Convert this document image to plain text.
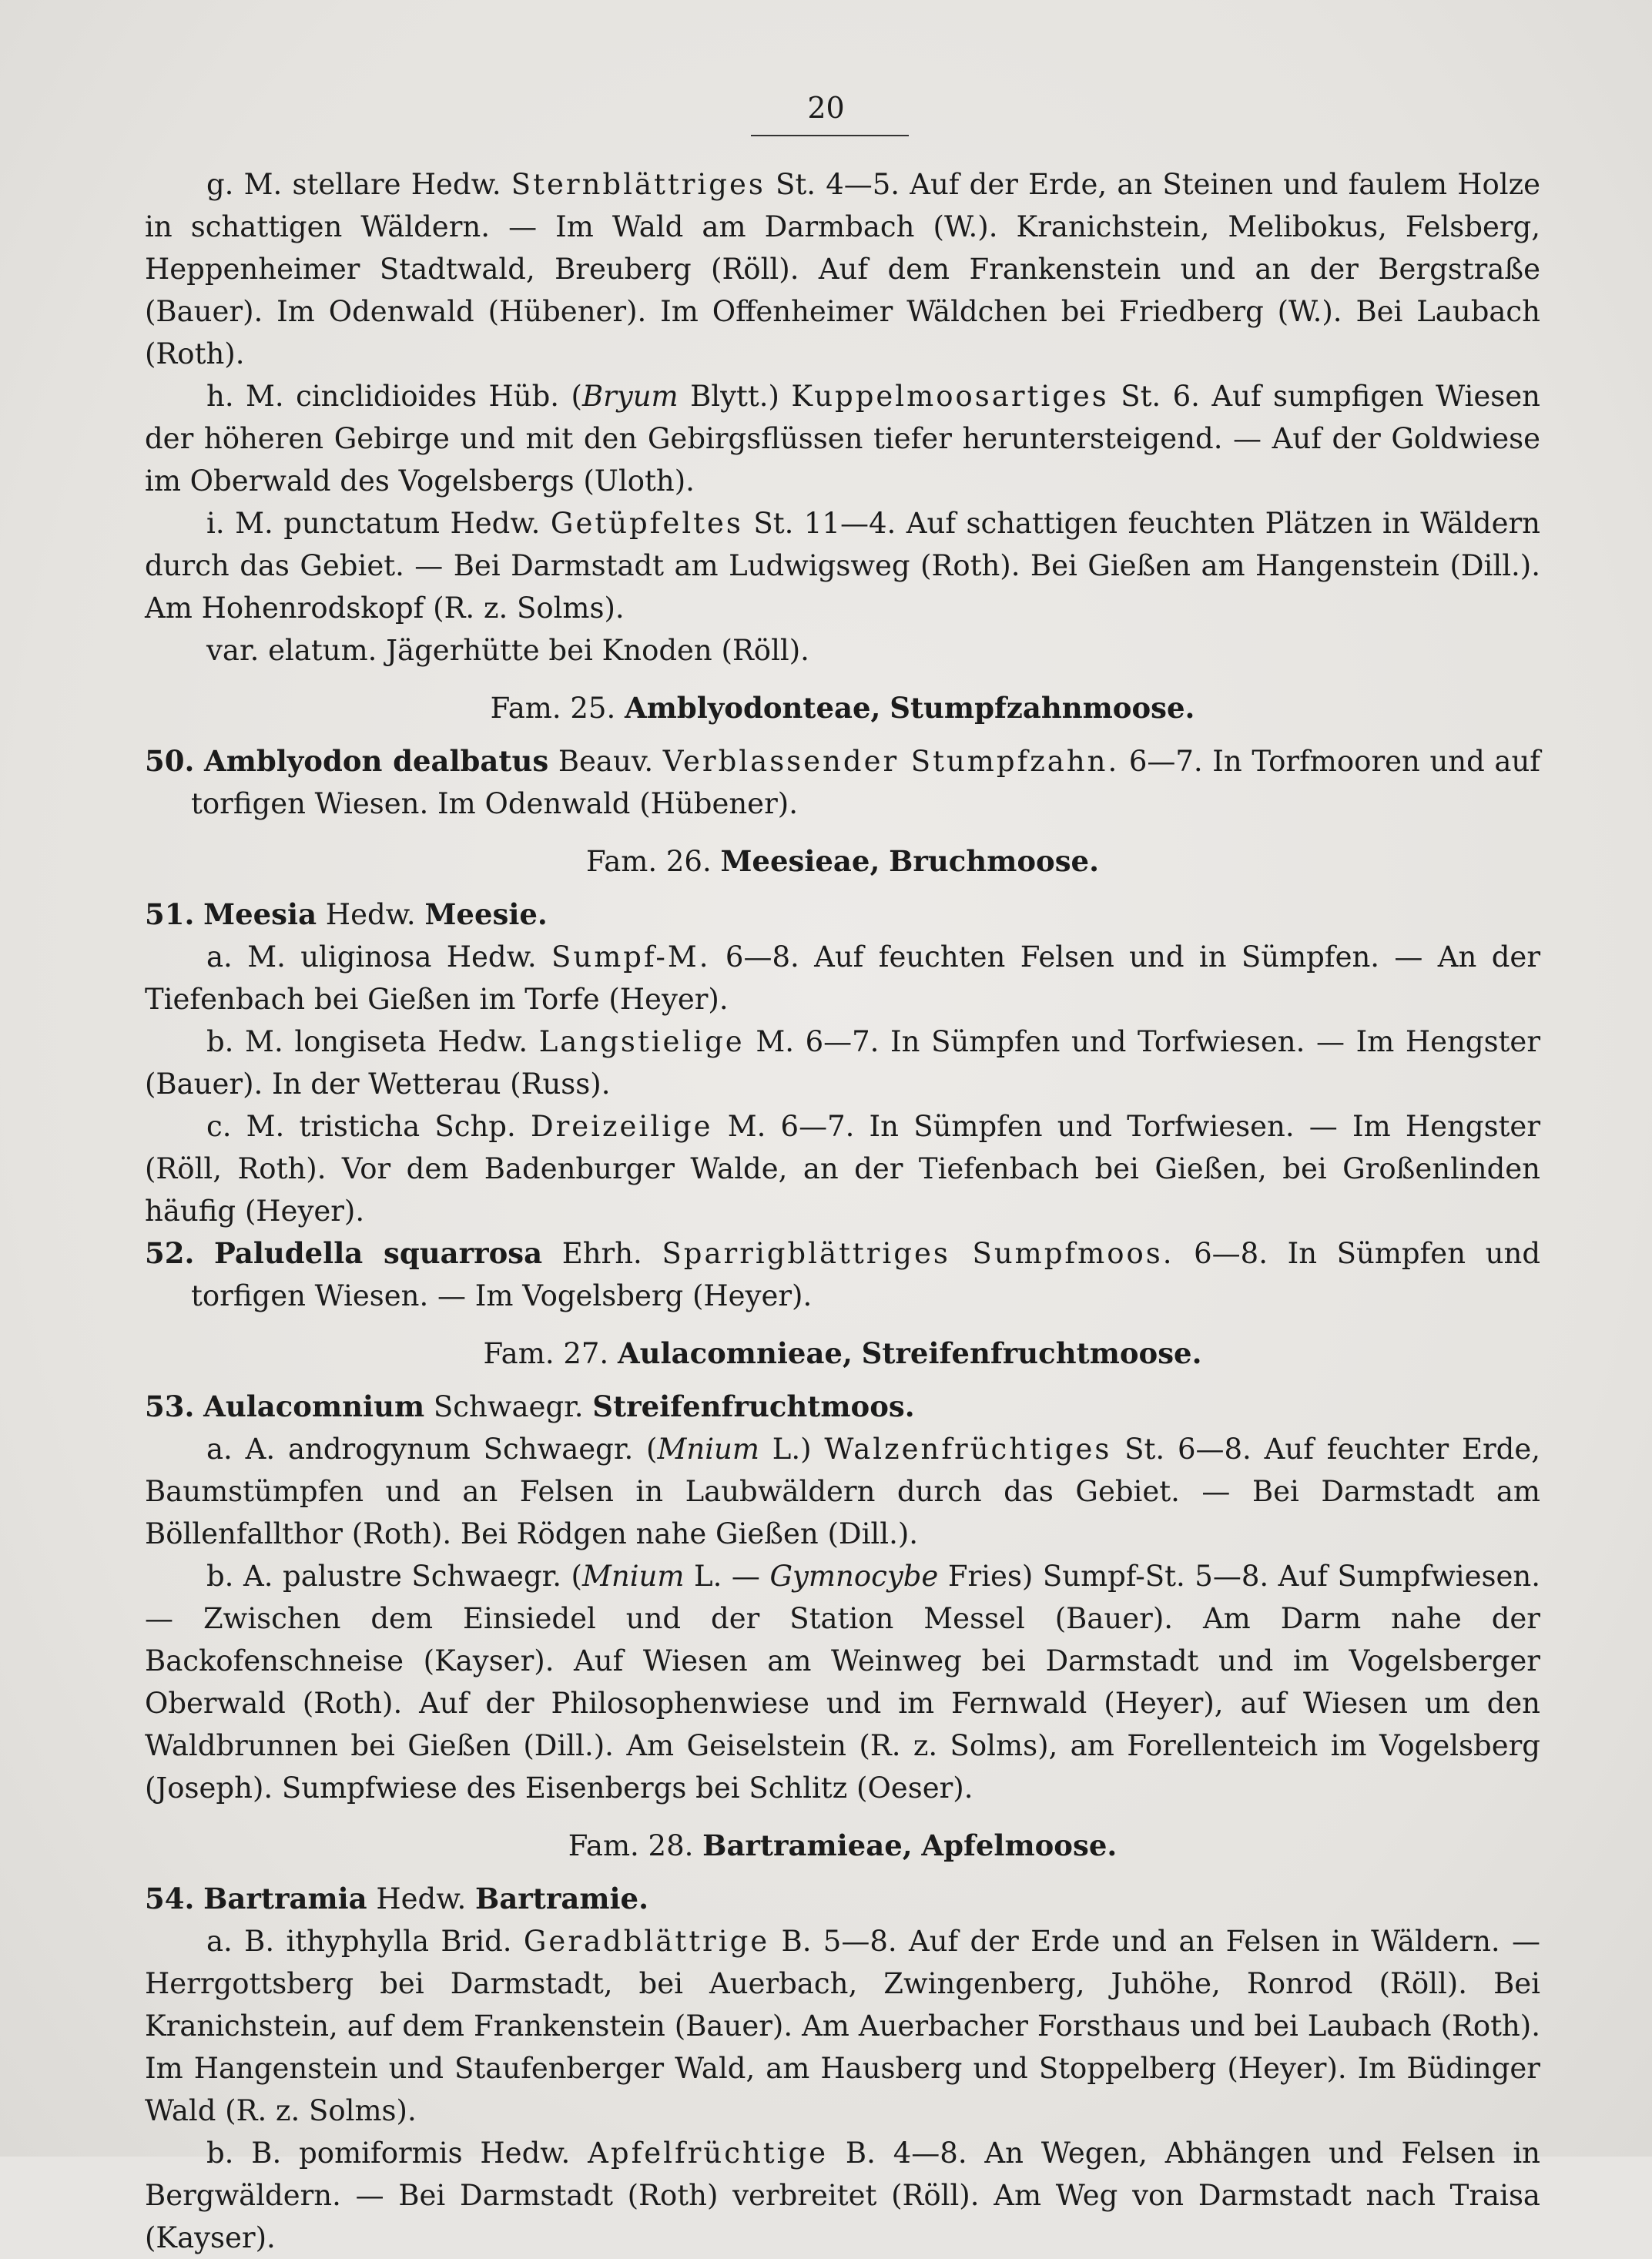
20

g. M. stellare Hedw. Sternblättriges St. 4—5. Auf der Erde, an Steinen und faulem Holze in schattigen Wäldern. — Im Wald am Darmbach (W.). Kranichstein, Melibokus, Felsberg, Heppenheimer Stadtwald, Breuberg (Röll). Auf dem Frankenstein und an der Bergstraße (Bauer). Im Odenwald (Hübener). Im Offenheimer Wäldchen bei Friedberg (W.). Bei Laubach (Roth).

h. M. cinclidioides Hüb. (Bryum Blytt.) Kuppelmoosartiges St. 6. Auf sumpfigen Wiesen der höheren Gebirge und mit den Gebirgsflüssen tiefer heruntersteigend. — Auf der Goldwiese im Oberwald des Vogelsbergs (Uloth).

i. M. punctatum Hedw. Getüpfeltes St. 11—4. Auf schattigen feuchten Plätzen in Wäldern durch das Gebiet. — Bei Darmstadt am Ludwigsweg (Roth). Bei Gießen am Hangenstein (Dill.). Am Hohenrodskopf (R. z. Solms).

var. elatum. Jägerhütte bei Knoden (Röll).

Fam. 25. Amblyodonteae, Stumpfzahnmoose.

50. Amblyodon dealbatus Beauv. Verblassender Stumpfzahn. 6—7. In Torfmooren und auf torfigen Wiesen. Im Odenwald (Hübener).

Fam. 26. Meesieae, Bruchmoose.

51. Meesia Hedw. Meesie.

a. M. uliginosa Hedw. Sumpf-M. 6—8. Auf feuchten Felsen und in Sümpfen. — An der Tiefenbach bei Gießen im Torfe (Heyer).

b. M. longiseta Hedw. Langstielige M. 6—7. In Sümpfen und Torfwiesen. — Im Hengster (Bauer). In der Wetterau (Russ).

c. M. tristicha Schp. Dreizeilige M. 6—7. In Sümpfen und Torfwiesen. — Im Hengster (Röll, Roth). Vor dem Badenburger Walde, an der Tiefenbach bei Gießen, bei Großenlinden häufig (Heyer).

52. Paludella squarrosa Ehrh. Sparrigblättriges Sumpfmoos. 6—8. In Sümpfen und torfigen Wiesen. — Im Vogelsberg (Heyer).

Fam. 27. Aulacomnieae, Streifenfruchtmoose.

53. Aulacomnium Schwaegr. Streifenfruchtmoos.

a. A. androgynum Schwaegr. (Mnium L.) Walzenfrüchtiges St. 6—8. Auf feuchter Erde, Baumstümpfen und an Felsen in Laubwäldern durch das Gebiet. — Bei Darmstadt am Böllenfallthor (Roth). Bei Rödgen nahe Gießen (Dill.).

b. A. palustre Schwaegr. (Mnium L. — Gymnocybe Fries) Sumpf-St. 5—8. Auf Sumpfwiesen. — Zwischen dem Einsiedel und der Station Messel (Bauer). Am Darm nahe der Backofenschneise (Kayser). Auf Wiesen am Weinweg bei Darmstadt und im Vogelsberger Oberwald (Roth). Auf der Philosophenwiese und im Fernwald (Heyer), auf Wiesen um den Waldbrunnen bei Gießen (Dill.). Am Geiselstein (R. z. Solms), am Forellenteich im Vogelsberg (Joseph). Sumpfwiese des Eisenbergs bei Schlitz (Oeser).

Fam. 28. Bartramieae, Apfelmoose.

54. Bartramia Hedw. Bartramie.

a. B. ithyphylla Brid. Geradblättrige B. 5—8. Auf der Erde und an Felsen in Wäldern. — Herrgottsberg bei Darmstadt, bei Auerbach, Zwingenberg, Juhöhe, Ronrod (Röll). Bei Kranichstein, auf dem Frankenstein (Bauer). Am Auerbacher Forsthaus und bei Laubach (Roth). Im Hangenstein und Staufenberger Wald, am Hausberg und Stoppelberg (Heyer). Im Büdinger Wald (R. z. Solms).

b. B. pomiformis Hedw. Apfelfrüchtige B. 4—8. An Wegen, Abhängen und Felsen in Bergwäldern. — Bei Darmstadt (Roth) verbreitet (Röll). Am Weg von Darmstadt nach Traisa (Kayser).
